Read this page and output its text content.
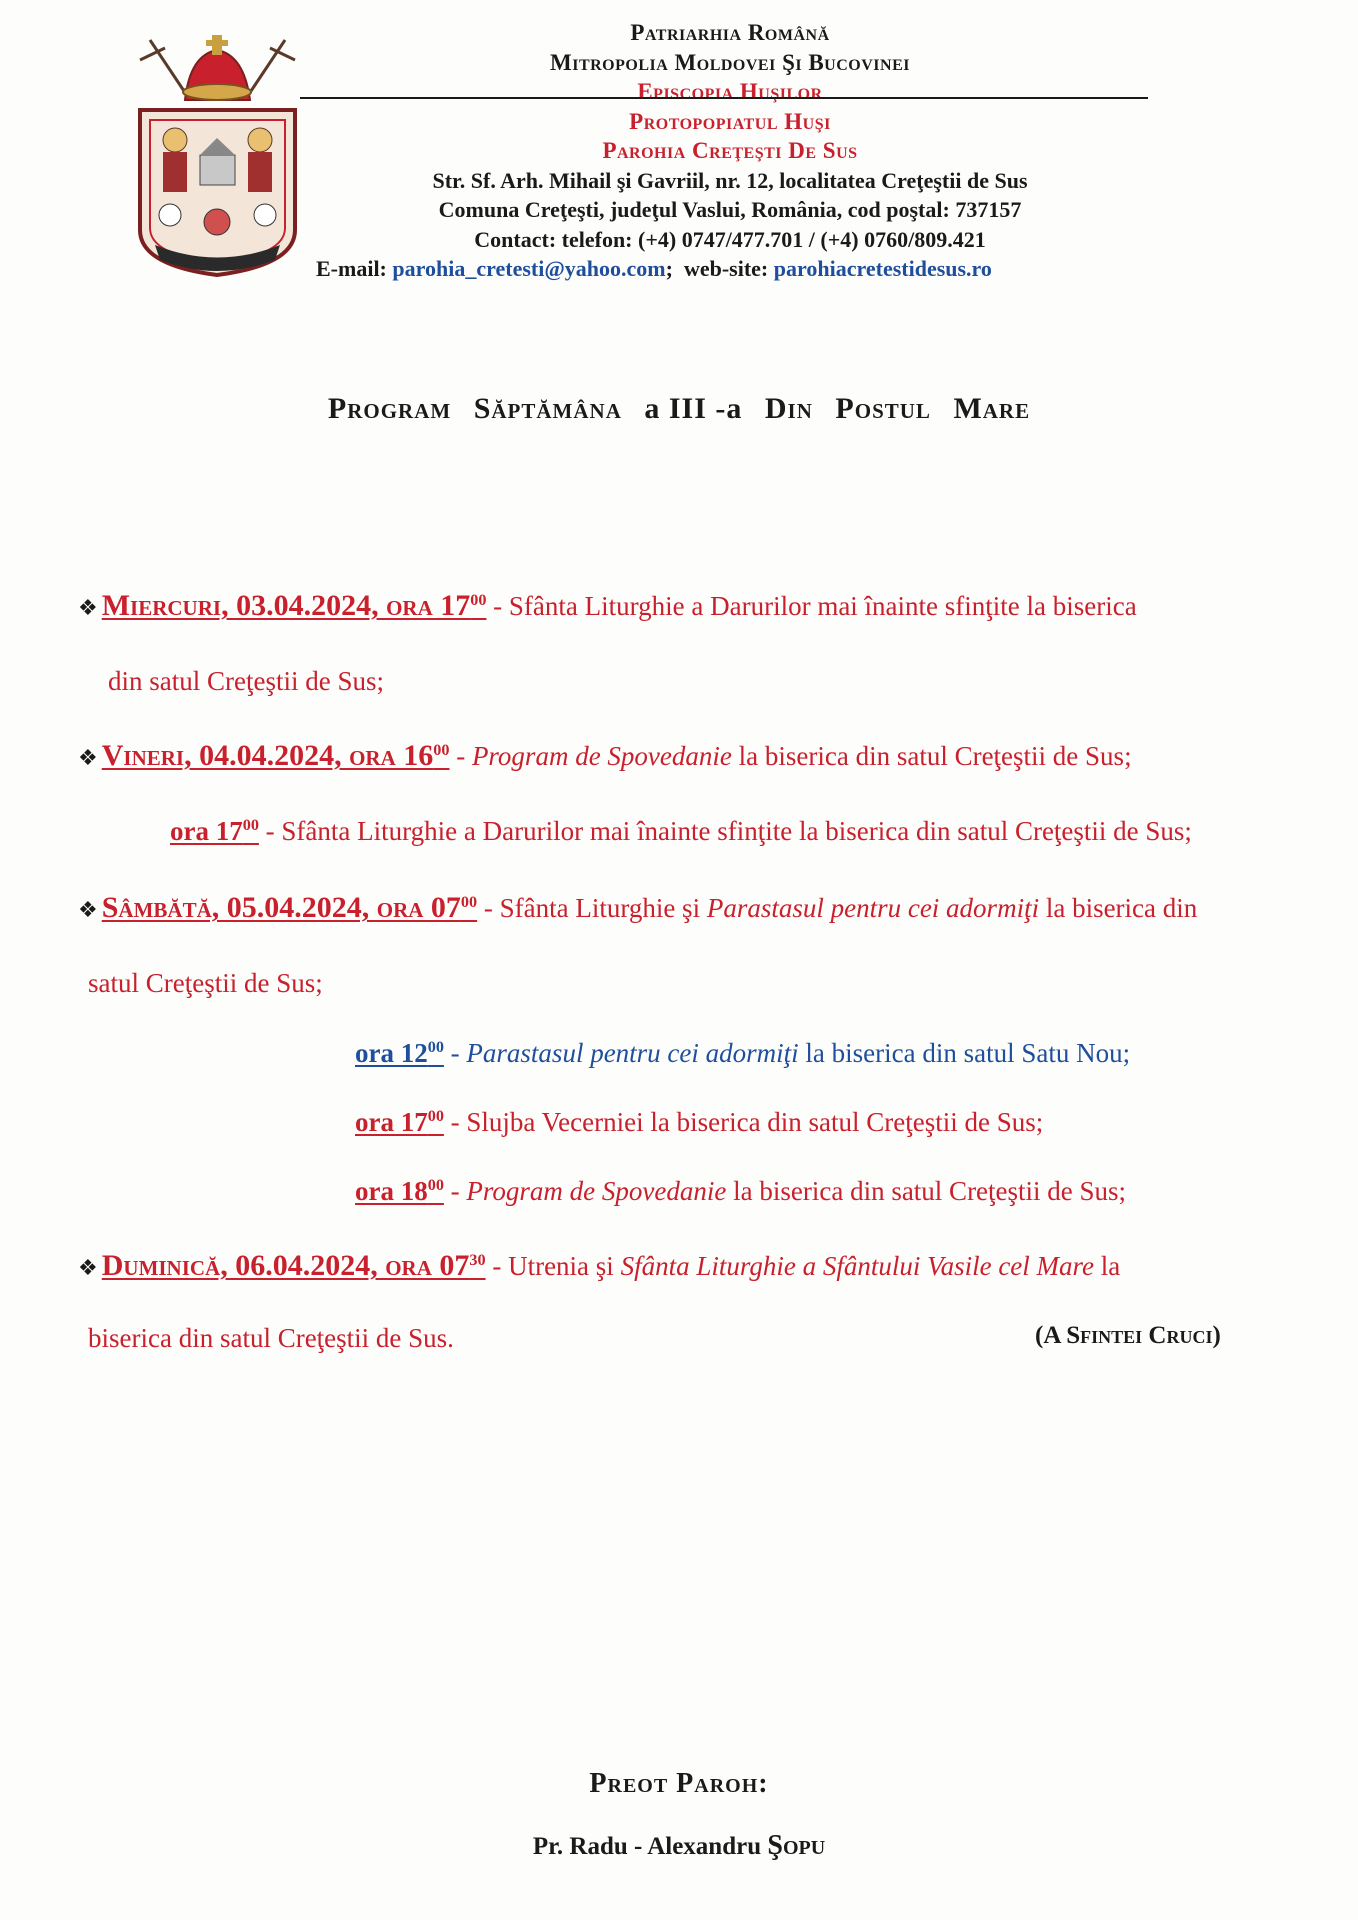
Patriarhia Română
Mitropolia Moldovei Şi Bucovinei
Episcopia Huşilor
Protopopiatul Huşi
Parohia Creţeşti De Sus
Str. Sf. Arh. Mihail şi Gavriil, nr. 12, localitatea Creţeştii de Sus
Comuna Creţeşti, judeţul Vaslui, România, cod poştal: 737157
Contact: telefon: (+4) 0747/477.701 / (+4) 0760/809.421
E-mail: parohia_cretesti@yahoo.com;  web-site: parohiacretestidesus.ro
Program Săptămâna a III -a Din Postul Mare
❖ Miercuri, 03.04.2024, ora $17^{00}$ - Sfânta Liturghie a Darurilor mai înainte sfinţite la biserica
din satul Creţeştii de Sus;
❖ Vineri, 04.04.2024, ora $16^{00}$ - Program de Spovedanie la biserica din satul Creţeştii de Sus;
ora $17^{00}$ - Sfânta Liturghie a Darurilor mai înainte sfinţite la biserica din satul Creţeştii de Sus;
❖ Sâmbătă, 05.04.2024, ora $07^{00}$ - Sfânta Liturghie şi Parastasul pentru cei adormiţi la biserica din
satul Creţeştii de Sus;
ora $12^{00}$ - Parastasul pentru cei adormiţi la biserica din satul Satu Nou;
ora $17^{00}$ - Slujba Vecerniei la biserica din satul Creţeştii de Sus;
ora $18^{00}$ - Program de Spovedanie la biserica din satul Creţeştii de Sus;
❖ Duminică, 06.04.2024, ora $07^{30}$ - Utrenia şi Sfânta Liturghie a Sfântului Vasile cel Mare la
biserica din satul Creţeştii de Sus.	(A Sfintei Cruci)
Preot Paroh:
Pr. Radu - Alexandru Şopu
